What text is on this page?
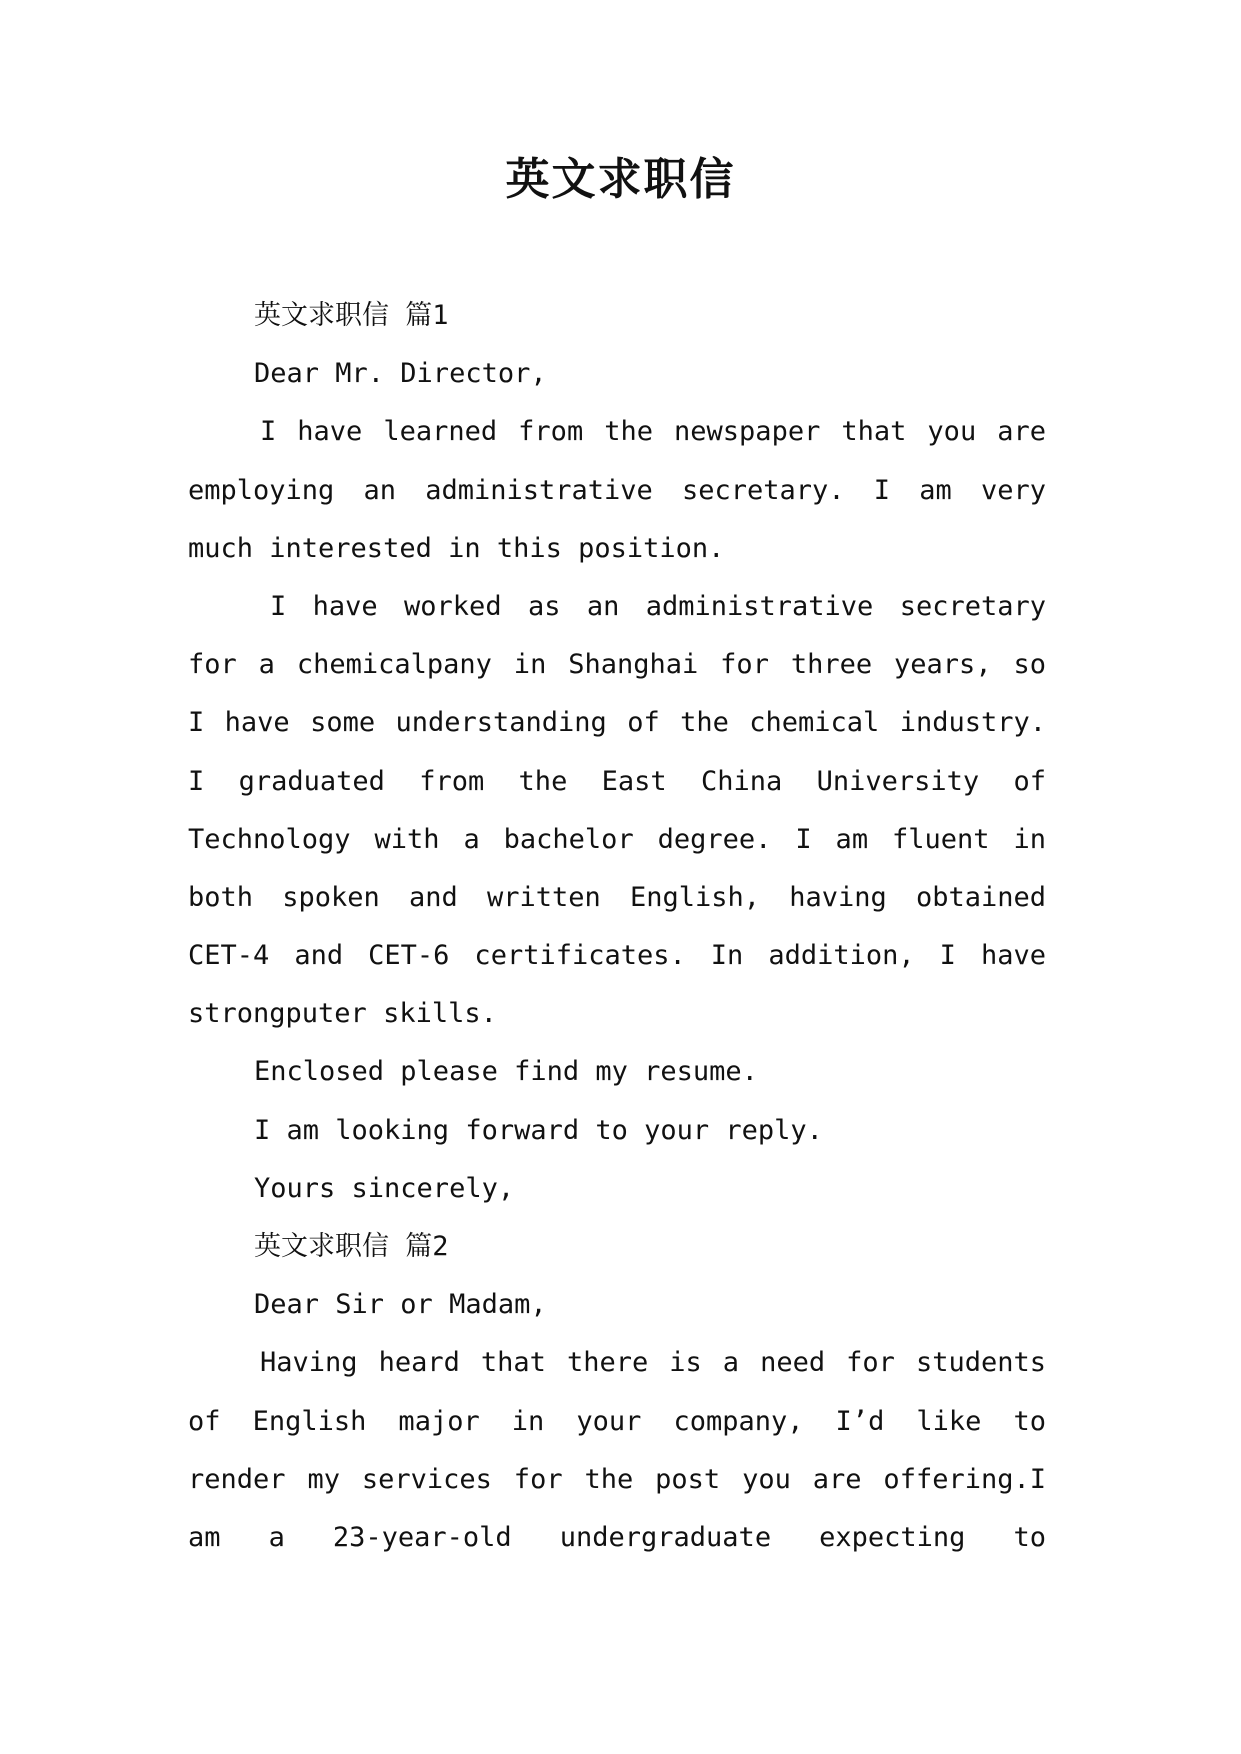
英文求职信
英文求职信 篇1
Dear Mr. Director,
I have learned from the newspaper that you are
employing an administrative secretary. I am very
much interested in this position.
I have worked as an administrative secretary
for a chemicalpany in Shanghai for three years, so
I have some understanding of the chemical industry.
I graduated from the East China University of
Technology with a bachelor degree. I am fluent in
both spoken and written English, having obtained
CET-4 and CET-6 certificates. In addition, I have
strongputer skills.
Enclosed please find my resume.
I am looking forward to your reply.
Yours sincerely,
英文求职信 篇2
Dear Sir or Madam,
Having heard that there is a need for students
of English major in your company, I’d like to
render my services for the post you are offering.I
am a 23-year-old undergraduate expecting to
